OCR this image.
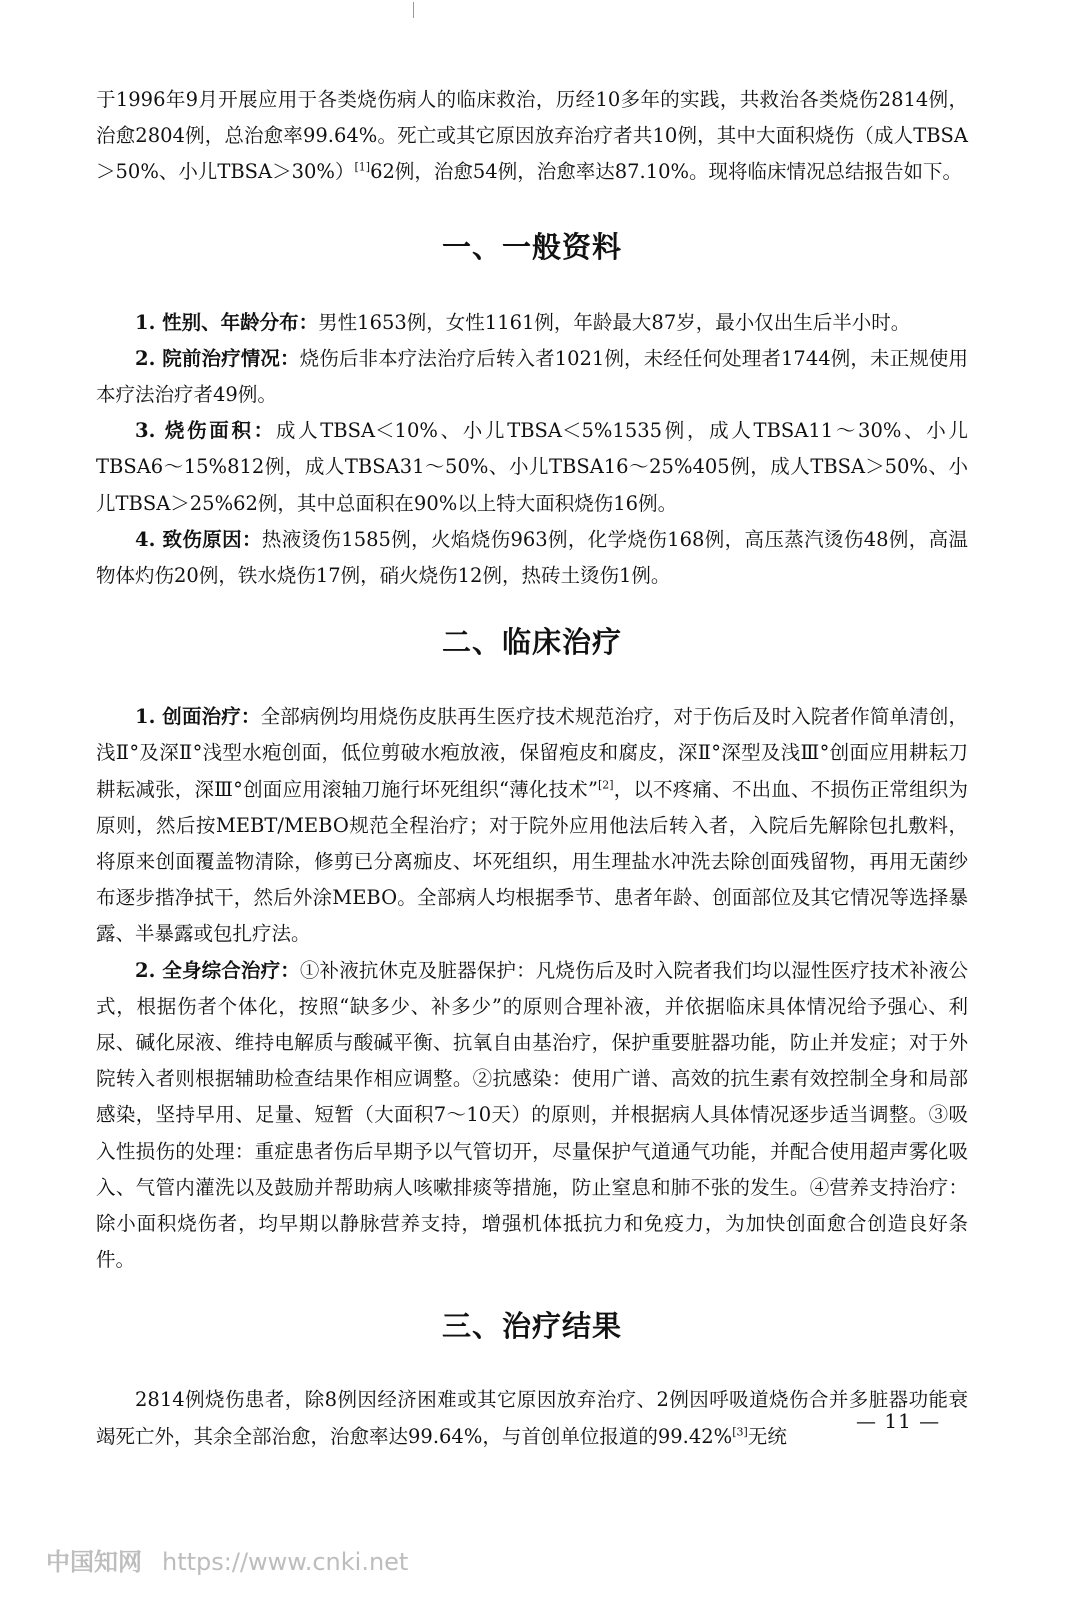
于1996年9月开展应用于各类烧伤病人的临床救治，历经10多年的实践，共救治各类烧伤2814例，治愈2804例，总治愈率99.64%。死亡或其它原因放弃治疗者共10例，其中大面积烧伤（成人TBSA＞50%、小儿TBSA＞30%）[1]62例，治愈54例，治愈率达87.10%。现将临床情况总结报告如下。

一、一般资料

1. 性别、年龄分布：男性1653例，女性1161例，年龄最大87岁，最小仅出生后半小时。

2. 院前治疗情况：烧伤后非本疗法治疗后转入者1021例，未经任何处理者1744例，未正规使用本疗法治疗者49例。

3. 烧伤面积：成人TBSA＜10%、小儿TBSA＜5%1535例，成人TBSA11～30%、小儿TBSA6～15%812例，成人TBSA31～50%、小儿TBSA16～25%405例，成人TBSA＞50%、小儿TBSA＞25%62例，其中总面积在90%以上特大面积烧伤16例。

4. 致伤原因：热液烫伤1585例，火焰烧伤963例，化学烧伤168例，高压蒸汽烫伤48例，高温物体灼伤20例，铁水烧伤17例，硝火烧伤12例，热砖土烫伤1例。

二、临床治疗

1. 创面治疗：全部病例均用烧伤皮肤再生医疗技术规范治疗，对于伤后及时入院者作简单清创，浅Ⅱ°及深Ⅱ°浅型水疱创面，低位剪破水疱放液，保留疱皮和腐皮，深Ⅱ°深型及浅Ⅲ°创面应用耕耘刀耕耘减张，深Ⅲ°创面应用滚轴刀施行坏死组织“薄化技术”[2]，以不疼痛、不出血、不损伤正常组织为原则，然后按MEBT/MEBO规范全程治疗；对于院外应用他法后转入者，入院后先解除包扎敷料，将原来创面覆盖物清除，修剪已分离痂皮、坏死组织，用生理盐水冲洗去除创面残留物，再用无菌纱布逐步揩净拭干，然后外涂MEBO。全部病人均根据季节、患者年龄、创面部位及其它情况等选择暴露、半暴露或包扎疗法。

2. 全身综合治疗：①补液抗休克及脏器保护：凡烧伤后及时入院者我们均以湿性医疗技术补液公式，根据伤者个体化，按照“缺多少、补多少”的原则合理补液，并依据临床具体情况给予强心、利尿、碱化尿液、维持电解质与酸碱平衡、抗氧自由基治疗，保护重要脏器功能，防止并发症；对于外院转入者则根据辅助检查结果作相应调整。②抗感染：使用广谱、高效的抗生素有效控制全身和局部感染，坚持早用、足量、短暂（大面积7～10天）的原则，并根据病人具体情况逐步适当调整。③吸入性损伤的处理：重症患者伤后早期予以气管切开，尽量保护气道通气功能，并配合使用超声雾化吸入、气管内灌洗以及鼓励并帮助病人咳嗽排痰等措施，防止窒息和肺不张的发生。④营养支持治疗：除小面积烧伤者，均早期以静脉营养支持，增强机体抵抗力和免疫力，为加快创面愈合创造良好条件。

三、治疗结果

2814例烧伤患者，除8例因经济困难或其它原因放弃治疗、2例因呼吸道烧伤合并多脏器功能衰竭死亡外，其余全部治愈，治愈率达99.64%，与首创单位报道的99.42%[3]无统

— 11 —
中国知网 https://www.cnki.net
